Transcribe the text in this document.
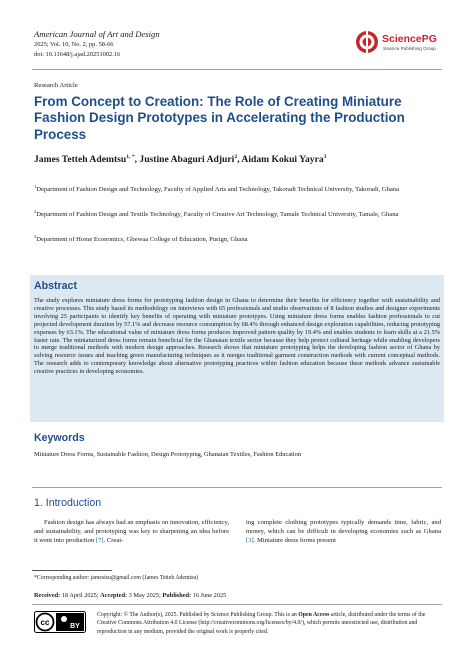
American Journal of Art and Design
2025; Vol. 10, No. 2, pp. 58-66
doi: 10.11648/j.ajad.20251002.16
SciencePG
Science Publishing Group
Research Article
From Concept to Creation: The Role of Creating Miniature Fashion Design Prototypes in Accelerating the Production Process
James Tetteh Ademtsu$^{1, *}$, Justine Abaguri Adjuri$^2$, Aidam Kokui Yayra$^3$
$^1$Department of Fashion Design and Technology, Faculty of Applied Arts and Technology, Takoradi Technical University, Takoradi, Ghana
$^2$Department of Fashion Design and Textile Technology, Faculty of Creative Art Technology, Tamale Technical University, Tamale, Ghana
$^3$Department of Home Economics, Gbewaa College of Education, Pusign, Ghana
Abstract
The study explores miniature dress forms for prototyping fashion design in Ghana to determine their benefits for efficiency together with sustainability and creative processes. This study based its methodology on interviews with 65 professionals and studio observations of 8 fashion studios and designer experiments involving 25 participants to identify key benefits of operating with miniature prototypes. Using miniature dress forms enables fashion professionals to cut projected development duration by 57.1% and decrease resource consumption by 68.4% through enhanced design exploration capabilities, reducing prototyping expenses by 63.1%. The educational value of miniature dress forms produces improved pattern quality by 19.4% and enables students to learn skills at a 21.5% faster rate. The miniaturized dress forms remain beneficial for the Ghanaian textile sector because they help protect cultural heritage while enabling developers to merge traditional methods with modern design approaches. Research shows that miniature prototyping helps the developing fashion sector of Ghana by solving resource issues and teaching green manufacturing techniques as it merges traditional garment construction methods with current conceptual methods. The research adds to contemporary knowledge about alternative prototyping practices within fashion education because these methods advance sustainable creative practices in developing economies.
Keywords
Miniature Dress Forms, Sustainable Fashion, Design Prototyping, Ghanaian Textiles, Fashion Education
1. Introduction
Fashion design has always had an emphasis on innovation, efficiency, and sustainability, and prototyping was key to sharpening an idea before it went into production [7]. Creat-
ing complete clothing prototypes typically demands time, fabric, and money, which can be difficult in developing economies such as Ghana [3]. Miniature dress forms present
*Corresponding author: jamestsu@gmail.com (James Tetteh Ademtsu)
Received: 18 April 2025; Accepted: 3 May 2025; Published: 16 June 2025
cc	BY
Copyright: © The Author(s), 2025. Published by Science Publishing Group. This is an Open Access article, distributed under the terms of the Creative Commons Attribution 4.0 License (http://creativecommons.org/licenses/by/4.0/), which permits unrestricted use, distribution and reproduction in any medium, provided the original work is properly cited.
